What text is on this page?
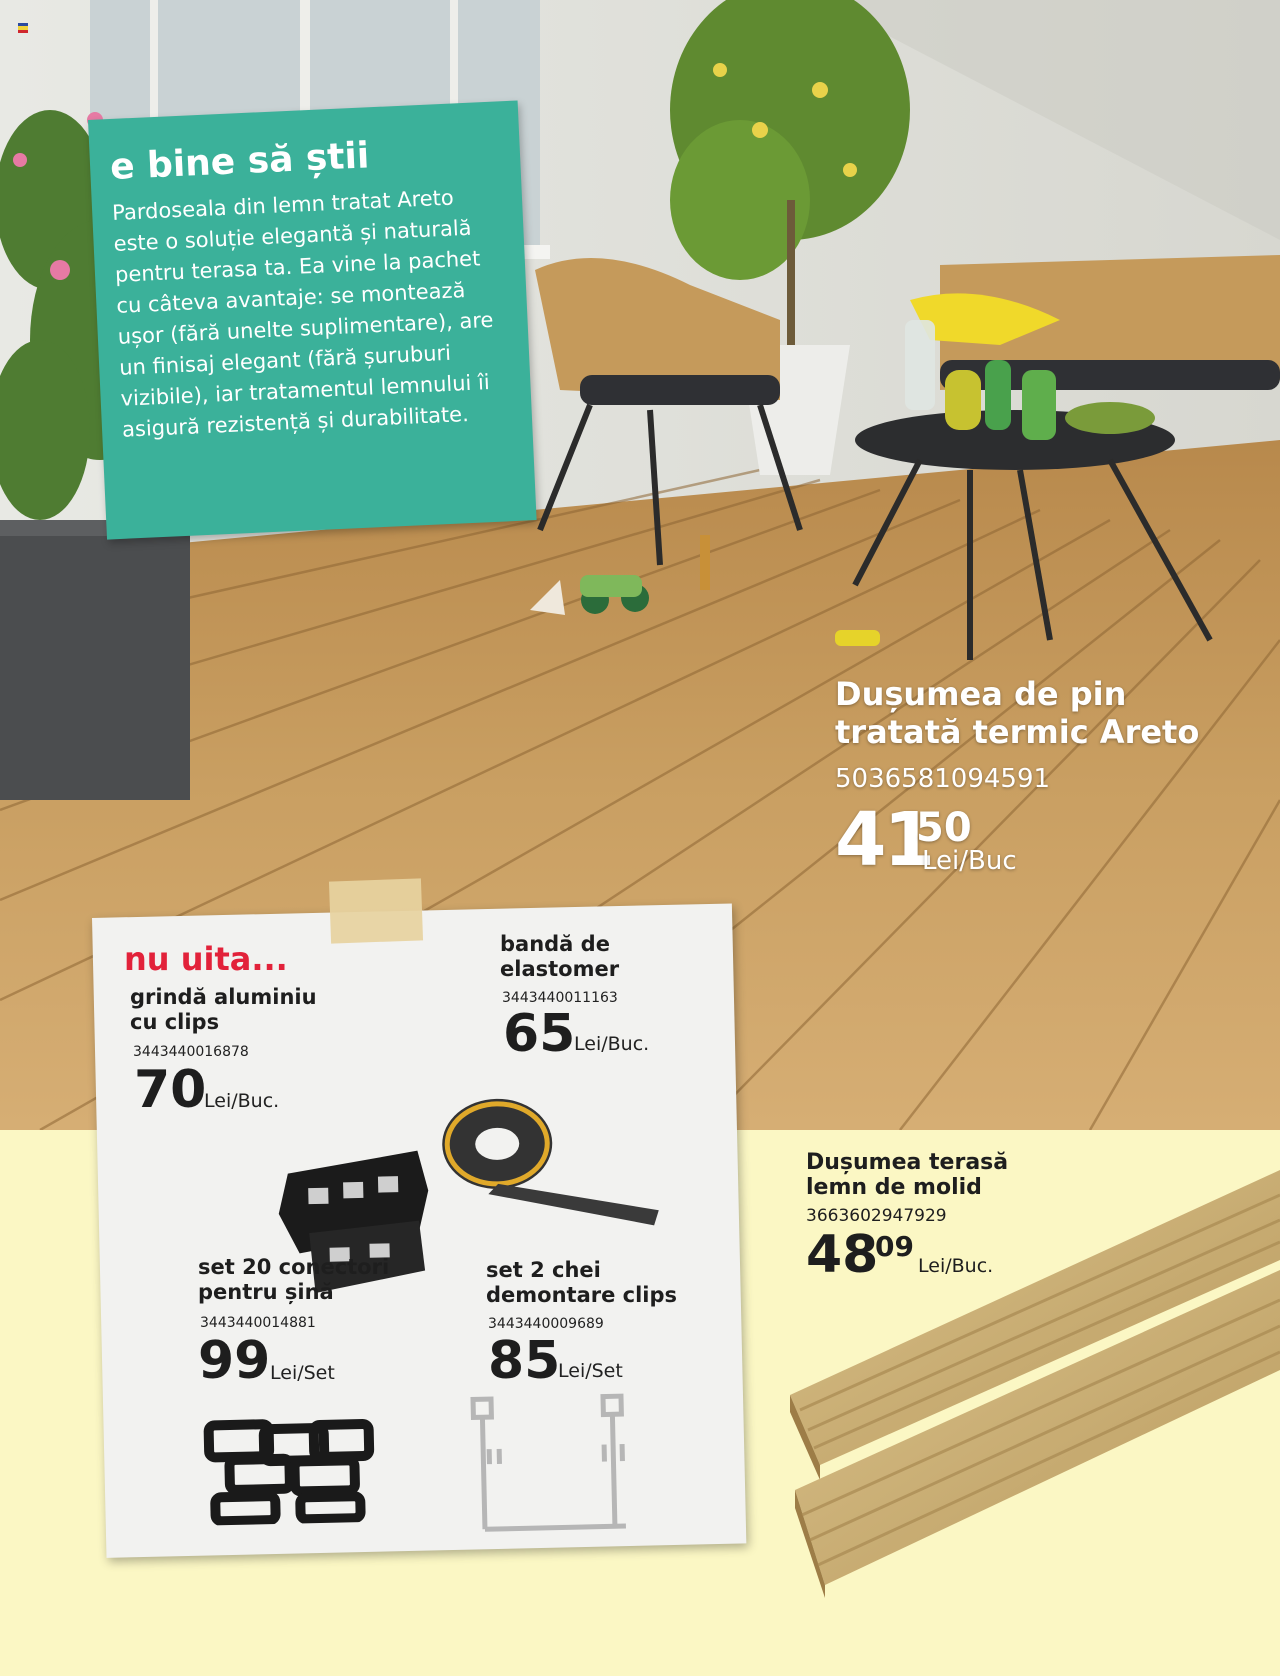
e bine să știi

Pardoseala din lemn tratat Areto este o soluție elegantă și naturală pentru terasa ta. Ea vine la pachet cu câteva avantaje: se montează ușor (fără unelte suplimentare), are un finisaj elegant (fără șuruburi vizibile), iar tratamentul lemnului îi asigură rezistență și durabilitate.

Dușumea de pin
tratată termic Areto
5036581094591
41
50
Lei/Buc
nu uita...
grindă aluminiu
cu clips
3443440016878
70
Lei/Buc.
bandă de
elastomer
3443440011163
65
Lei/Buc.
set 20 conectori
pentru șină
3443440014881
99 Lei/Set
set 2 chei
demontare clips
3443440009689
85
Lei/Set
Dușumea terasă
lemn de molid
3663602947929
48
09
Lei/Buc.
